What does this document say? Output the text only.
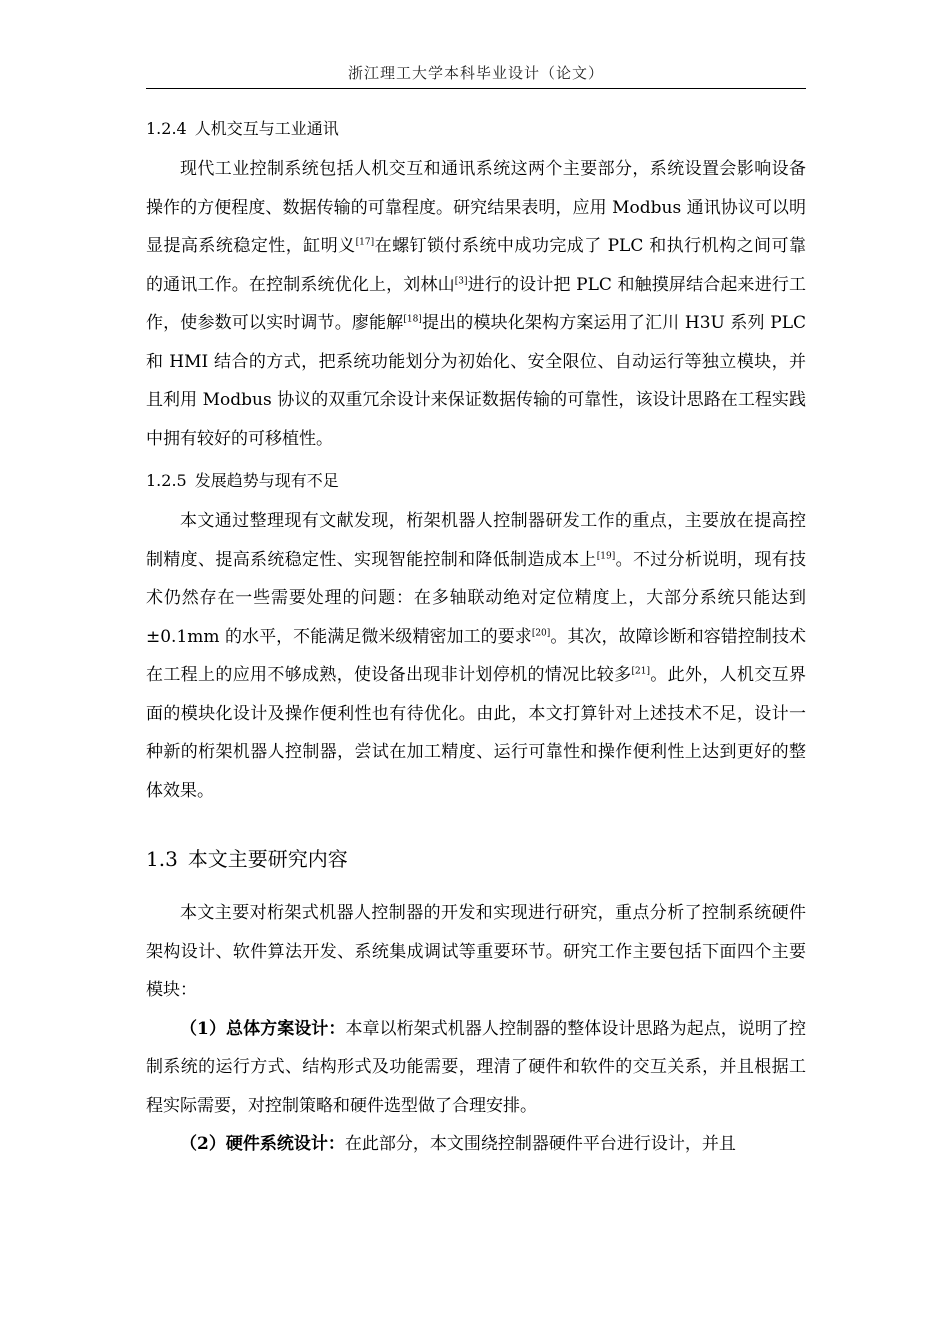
浙江理工大学本科毕业设计（论文）
1.2.4 人机交互与工业通讯

现代工业控制系统包括人机交互和通讯系统这两个主要部分，系统设置会影响设备操作的方便程度、数据传输的可靠程度。研究结果表明，应用 Modbus 通讯协议可以明显提高系统稳定性，缸明义[17]在螺钉锁付系统中成功完成了 PLC 和执行机构之间可靠的通讯工作。在控制系统优化上，刘林山[3]进行的设计把 PLC 和触摸屏结合起来进行工作，使参数可以实时调节。廖能解[18]提出的模块化架构方案运用了汇川 H3U 系列 PLC 和 HMI 结合的方式，把系统功能划分为初始化、安全限位、自动运行等独立模块，并且利用 Modbus 协议的双重冗余设计来保证数据传输的可靠性，该设计思路在工程实践中拥有较好的可移植性。

1.2.5 发展趋势与现有不足

本文通过整理现有文献发现，桁架机器人控制器研发工作的重点，主要放在提高控制精度、提高系统稳定性、实现智能控制和降低制造成本上[19]。不过分析说明，现有技术仍然存在一些需要处理的问题：在多轴联动绝对定位精度上，大部分系统只能达到±0.1mm 的水平，不能满足微米级精密加工的要求[20]。其次，故障诊断和容错控制技术在工程上的应用不够成熟，使设备出现非计划停机的情况比较多[21]。此外，人机交互界面的模块化设计及操作便利性也有待优化。由此，本文打算针对上述技术不足，设计一种新的桁架机器人控制器，尝试在加工精度、运行可靠性和操作便利性上达到更好的整体效果。

1.3 本文主要研究内容

本文主要对桁架式机器人控制器的开发和实现进行研究，重点分析了控制系统硬件架构设计、软件算法开发、系统集成调试等重要环节。研究工作主要包括下面四个主要模块：

（1）总体方案设计：本章以桁架式机器人控制器的整体设计思路为起点，说明了控制系统的运行方式、结构形式及功能需要，理清了硬件和软件的交互关系，并且根据工程实际需要，对控制策略和硬件选型做了合理安排。

（2）硬件系统设计：在此部分，本文围绕控制器硬件平台进行设计，并且
